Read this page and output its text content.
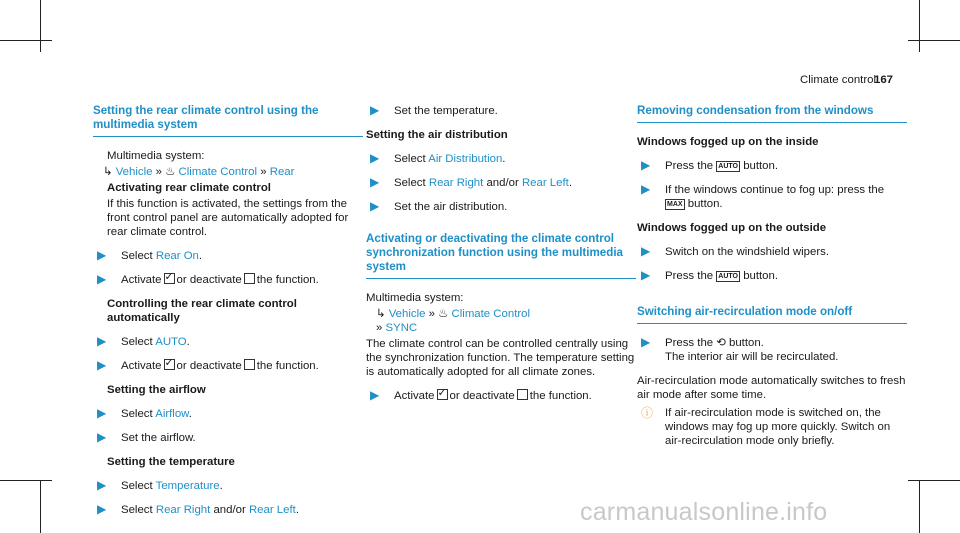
Climate control
167
Setting the rear climate control using the multimedia system
Multimedia system:
↳ Vehicle » ♨ Climate Control » Rear
Activating rear climate control
If this function is activated, the settings from the front control panel are automatically adopted for rear climate control.
▶ Select Rear On.
▶ Activate ✓ or deactivate the function.
Controlling the rear climate control automatically
▶ Select AUTO.
▶ Activate ✓ or deactivate the function.
Setting the airflow
▶ Select Airflow.
▶ Set the airflow.
Setting the temperature
▶ Select Temperature.
▶ Select Rear Right and/or Rear Left.
▶ Set the temperature.
Setting the air distribution
▶ Select Air Distribution.
▶ Select Rear Right and/or Rear Left.
▶ Set the air distribution.
Activating or deactivating the climate control synchronization function using the multimedia system
Multimedia system:
↳ Vehicle » ♨ Climate Control
» SYNC
The climate control can be controlled centrally using the synchronization function. The temperature setting is automatically adopted for all climate zones.
▶ Activate ✓ or deactivate the function.
Removing condensation from the windows
Windows fogged up on the inside
▶ Press the AUTO button.
▶ If the windows continue to fog up: press the
MAX button.
Windows fogged up on the outside
▶ Switch on the windshield wipers.
▶ Press the AUTO button.
Switching air-recirculation mode on/off
▶ Press the ⟲ button.
The interior air will be recirculated.
Air-recirculation mode automatically switches to fresh air mode after some time.
ⓘ If air-recirculation mode is switched on, the windows may fog up more quickly. Switch on air-recirculation mode only briefly.
carmanualsonline.info
